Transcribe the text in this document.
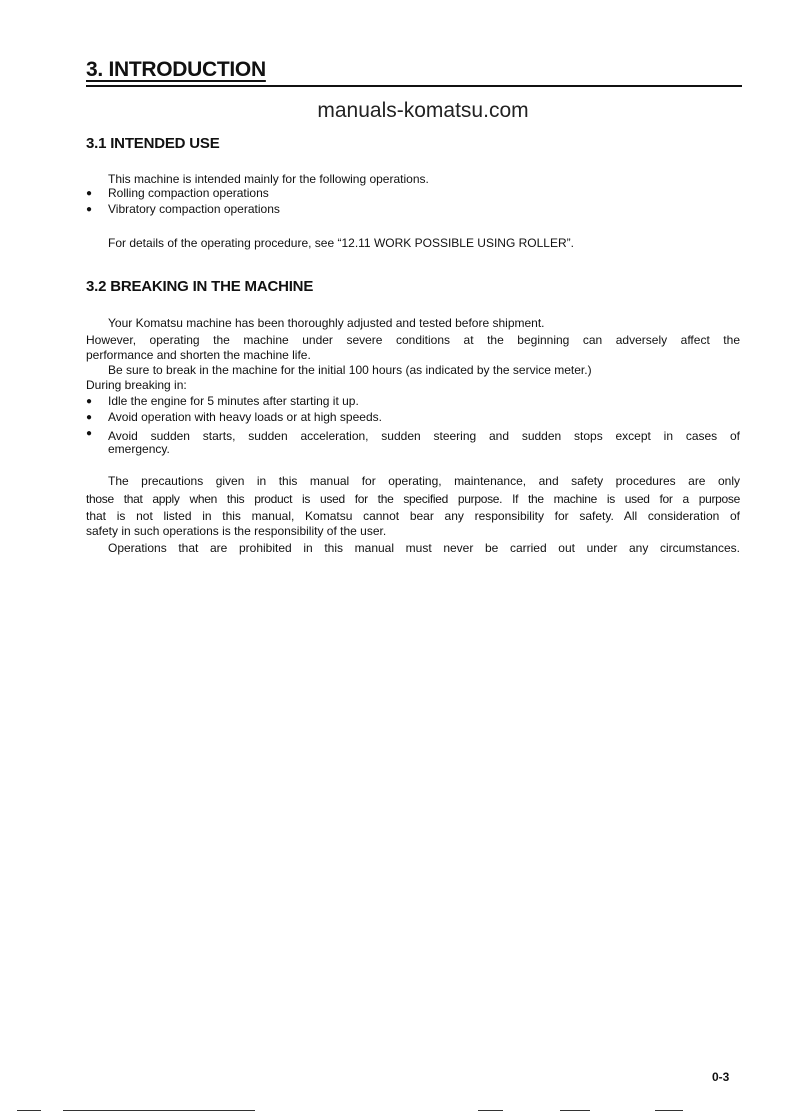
3. INTRODUCTION
manuals-komatsu.com
3.1 INTENDED USE
This machine is intended mainly for the following operations.
● Rolling compaction operations
● Vibratory compaction operations
For details of the operating procedure, see “12.11 WORK POSSIBLE USING ROLLER”.
3.2 BREAKING IN THE MACHINE
Your Komatsu machine has been thoroughly adjusted and tested before shipment.
However, operating the machine under severe conditions at the beginning can adversely affect the
performance and shorten the machine life.
Be sure to break in the machine for the initial 100 hours (as indicated by the service meter.)
During breaking in:
● Idle the engine for 5 minutes after starting it up.
● Avoid operation with heavy loads or at high speeds.
● Avoid sudden starts, sudden acceleration, sudden steering and sudden stops except in cases of
emergency.
The precautions given in this manual for operating, maintenance, and safety procedures are only
those that apply when this product is used for the specified purpose. If the machine is used for a purpose
that is not listed in this manual, Komatsu cannot bear any responsibility for safety. All consideration of
safety in such operations is the responsibility of the user.
Operations that are prohibited in this manual must never be carried out under any circumstances.
0-3
